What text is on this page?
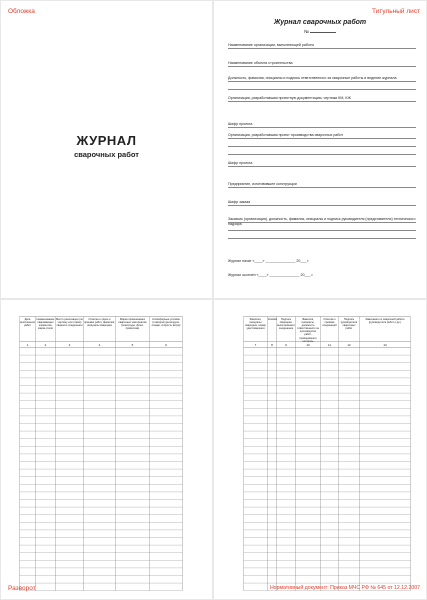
Обложка
ЖУРНАЛ
сварочных работ
Титульный лист
Журнал сварочных работ
№
Наименование организации, выполняющей работы
Наименование объекта строительства
Должность, фамилия, инициалы и подпись ответственного за сварочные работы и ведение журнала
Организация, разработавшая проектную документацию, чертежи КМ, КЖ
Шифр проекта
Организация, разработавшая проект производства сварочных работ
Шифр проекта
Предприятие, изготовившее конструкции
Шифр заказа
Заказчик (организация), должность, фамилия, инициалы и подпись руководителя (представителя) технического надзора
Журнал начат «____» _______________ 20___ г.
Журнал окончен «____» _______________ 20___ г.
Дата выполнения работ
1
Наименование свариваемых элементов, марка стали
2
Место реализации (по чертежу или схеме) сварного соединения
3
Отметка о сдаче и приемке работ, фамилия, инициалы сварщика
4
Марка применяемых сварочных материалов (электроды, флюс, проволока)
5
Атмосферные условия (температура воздуха, осадки, скорость ветра)
6
Разворот
Фамилия, инициалы сварщика, номер удостоверения
7
Клеймо
8
Подпись сварщика, выполнившего соединение
9
Фамилия, инициалы, должность ответственного за производство работ, проводившего контроль
10
Отметка о приемке соединений
11
Подпись руководителя сварочных работ
12
Замечания по сварочной работе (руководителя работ и др.)
13
Нормативный документ: Приказ МЧС РФ № 645 от 12.12.2007
